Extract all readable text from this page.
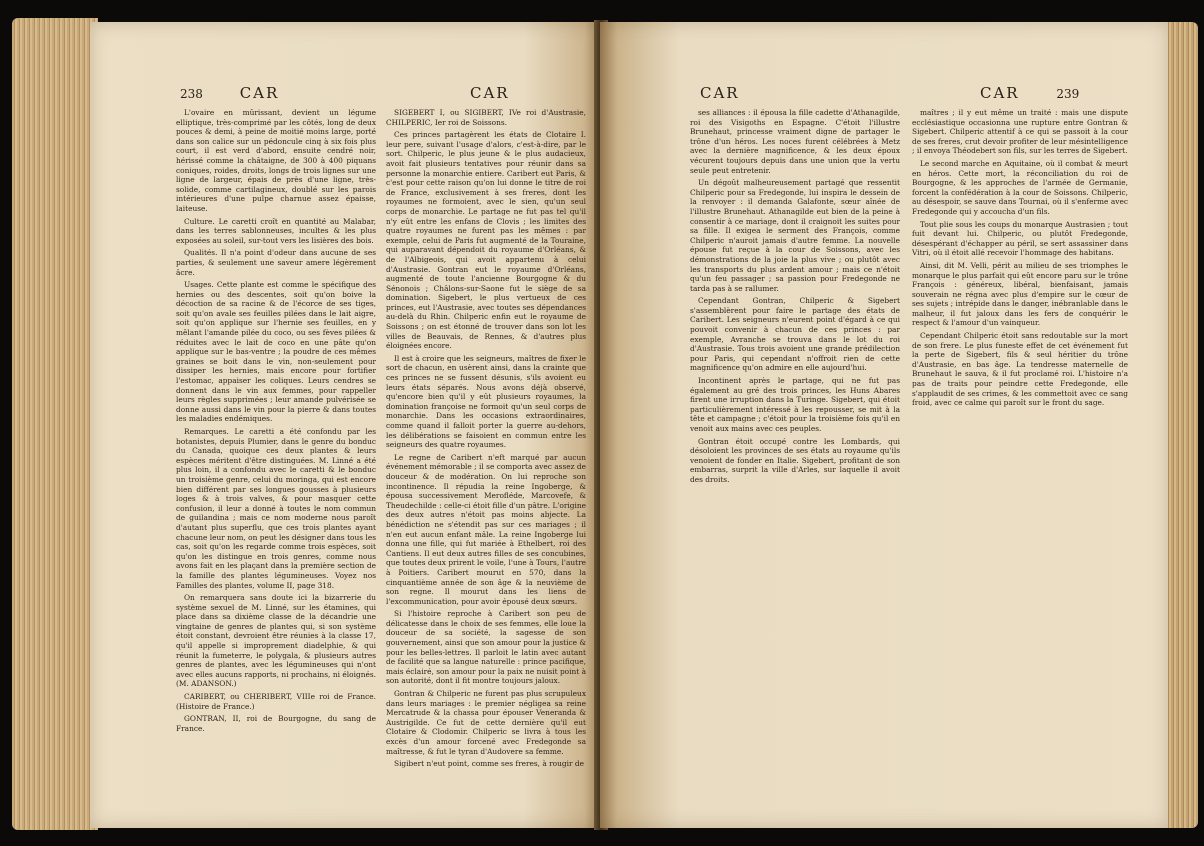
238 CAR	CAR

L'ovaire en mûrissant, devient un légume elliptique, très-comprimé par les côtés, long de deux pouces & demi, à peine de moitié moins large, porté dans son calice sur un pédoncule cinq à six fois plus court, il est verd d'abord, ensuite cendré noir, hérissé comme la châtaigne, de 300 à 400 piquans coniques, roides, droits, longs de trois lignes sur une ligne de largeur, épais de près d'une ligne, très-solide, comme cartilagineux, doublé sur les parois intérieures d'une pulpe charnue assez épaisse, laiteuse.

Culture. Le caretti croît en quantité au Malabar, dans les terres sablonneuses, incultes & les plus exposées au soleil, sur-tout vers les lisières des bois.

Qualités. Il n'a point d'odeur dans aucune de ses parties, & seulement une saveur amere légèrement âcre.

Usages. Cette plante est comme le spécifique des hernies ou des descentes, soit qu'on boive la décoction de sa racine & de l'écorce de ses tiges, soit qu'on avale ses feuilles pilées dans le lait aigre, soit qu'on applique sur l'hernie ses feuilles, en y mêlant l'amande pilée du coco, ou ses fèves pilées & réduites avec le lait de coco en une pâte qu'on applique sur le bas-ventre ; la poudre de ces mêmes graines se boit dans le vin, non-seulement pour dissiper les hernies, mais encore pour fortifier l'estomac, appaiser les coliques. Leurs cendres se donnent dans le vin aux femmes, pour rappeller leurs règles supprimées ; leur amande pulvérisée se donne aussi dans le vin pour la pierre & dans toutes les maladies endémiques.

Remarques. Le caretti a été confondu par les botanistes, depuis Plumier, dans le genre du bonduc du Canada, quoique ces deux plantes & leurs espèces méritent d'être distinguées. M. Linné a été plus loin, il a confondu avec le caretti & le bonduc un troisième genre, celui du moringa, qui est encore bien différent par ses longues gousses à plusieurs loges & à trois valves, & pour masquer cette confusion, il leur a donné à toutes le nom commun de guilandina ; mais ce nom moderne nous paroît d'autant plus superflu, que ces trois plantes ayant chacune leur nom, on peut les désigner dans tous les cas, soit qu'on les regarde comme trois espèces, soit qu'on les distingue en trois genres, comme nous avons fait en les plaçant dans la première section de la famille des plantes légumineuses. Voyez nos Familles des plantes, volume II, page 318.

On remarquera sans doute ici la bizarrerie du système sexuel de M. Linné, sur les étamines, qui place dans sa dixième classe de la décandrie une vingtaine de genres de plantes qui, si son système étoit constant, devroient être réunies à la classe 17, qu'il appelle si improprement diadelphie, & qui réunit la fumeterre, le polygala, & plusieurs autres genres de plantes, avec les légumineuses qui n'ont avec elles aucuns rapports, ni prochains, ni éloignés. (M. ADANSON.)

CARIBERT, ou CHERIBERT, VIIIe roi de France. (Histoire de France.)

GONTRAN, II, roi de Bourgogne, du sang de France.

SIGEBERT I, ou SIGIBERT, IVe roi d'Austrasie, CHILPERIC, Ier roi de Soissons.

Ces princes partagèrent les états de Clotaire I. leur pere, suivant l'usage d'alors, c'est-à-dire, par le sort. Chilperic, le plus jeune & le plus audacieux, avoit fait plusieurs tentatives pour réunir dans sa personne la monarchie entiere. Caribert eut Paris, & c'est pour cette raison qu'on lui donne le titre de roi de France, exclusivement à ses freres, dont les royaumes ne formoient, avec le sien, qu'un seul corps de monarchie. Le partage ne fut pas tel qu'il n'y eût entre les enfans de Clovis ; les limites des quatre royaumes ne furent pas les mêmes : par exemple, celui de Paris fut augmenté de la Touraine, qui auparavant dépendoit du royaume d'Orléans, & de l'Albigeois, qui avoit appartenu à celui d'Austrasie. Gontran eut le royaume d'Orléans, augmenté de toute l'ancienne Bourgogne & du Sénonois ; Châlons-sur-Saone fut le siège de sa domination. Sigebert, le plus vertueux de ces princes, eut l'Austrasie, avec toutes ses dépendances au-delà du Rhin. Chilperic enfin eut le royaume de Soissons ; on est étonné de trouver dans son lot les villes de Beauvais, de Rennes, & d'autres plus éloignées encore.

Il est à croire que les seigneurs, maîtres de fixer le sort de chacun, en usèrent ainsi, dans la crainte que ces princes ne se fussent désunis, s'ils avoient eu leurs états séparés. Nous avons déjà observé, qu'encore bien qu'il y eût plusieurs royaumes, la domination françoise ne formoit qu'un seul corps de monarchie. Dans les occasions extraordinaires, comme quand il falloit porter la guerre au-dehors, les délibérations se faisoient en commun entre les seigneurs des quatre royaumes.

Le regne de Caribert n'eft marqué par aucun événement mémorable ; il se comporta avec assez de douceur & de modération. On lui reproche son incontinence. Il répudia la reine Ingoberge, & épousa successivement Merofléde, Marcovefe, & Theudechilde : celle-ci étoit fille d'un pâtre. L'origine des deux autres n'étoit pas moins abjecte. La bénédiction ne s'étendit pas sur ces mariages ; il n'en eut aucun enfant mâle. La reine Ingoberge lui donna une fille, qui fut mariée à Ethelbert, roi des Cantiens. Il eut deux autres filles de ses concubines, que toutes deux prirent le voile, l'une à Tours, l'autre à Poitiers. Caribert mourut en 570, dans la cinquantième année de son âge & la neuvième de son regne. Il mourut dans les liens de l'excommunication, pour avoir épousé deux sœurs.

Si l'histoire reproche à Caribert son peu de délicatesse dans le choix de ses femmes, elle loue la douceur de sa société, la sagesse de son gouvernement, ainsi que son amour pour la justice & pour les belles-lettres. Il parloit le latin avec autant de facilité que sa langue naturelle : prince pacifique, mais éclairé, son amour pour la paix ne nuisit point à son autorité, dont il fit montre toujours jaloux.

Gontran & Chilperic ne furent pas plus scrupuleux dans leurs mariages : le premier négligea sa reine Mercatrude & la chassa pour épouser Veneranda & Austrigilde. Ce fut de cette dernière qu'il eut Clotaire & Clodomir. Chilperic se livra à tous les excès d'un amour forcené avec Fredegonde sa maîtresse, & fut le tyran d'Audovere sa femme.

Sigibert n'eut point, comme ses freres, à rougir de

CAR	CAR	239

ses alliances : il épousa la fille cadette d'Athanagilde, roi des Visigoths en Espagne. C'étoit l'illustre Brunehaut, princesse vraiment digne de partager le trône d'un héros. Les noces furent célébrées à Metz avec la dernière magnificence, & les deux époux vécurent toujours depuis dans une union que la vertu seule peut entretenir.

Un dégoût malheureusement partagé que ressentit Chilperic pour sa Fredegonde, lui inspira le dessein de la renvoyer : il demanda Galafonte, sœur aînée de l'illustre Brunehaut. Athanagilde eut bien de la peine à consentir à ce mariage, dont il craignoit les suites pour sa fille. Il exigea le serment des François, comme Chilperic n'auroit jamais d'autre femme. La nouvelle épouse fut reçue à la cour de Soissons, avec les démonstrations de la joie la plus vive ; ou plutôt avec les transports du plus ardent amour ; mais ce n'étoit qu'un feu passager ; sa passion pour Fredegonde ne tarda pas à se rallumer.

Cependant Gontran, Chilperic & Sigebert s'assemblèrent pour faire le partage des états de Caribert. Les seigneurs n'eurent point d'égard à ce qui pouvoit convenir à chacun de ces princes : par exemple, Avranche se trouva dans le lot du roi d'Austrasie. Tous trois avoient une grande prédilection pour Paris, qui cependant n'offroit rien de cette magnificence qu'on admire en elle aujourd'hui.

Incontinent après le partage, qui ne fut pas également au gré des trois princes, les Huns Abares firent une irruption dans la Turinge. Sigebert, qui étoit particulièrement intéressé à les repousser, se mit à la tête et campagne ; c'étoit pour la troisième fois qu'il en venoit aux mains avec ces peuples.

Gontran étoit occupé contre les Lombards, qui désoloient les provinces de ses états au royaume qu'ils venoient de fonder en Italie. Sigebert, profitant de son embarras, surprit la ville d'Arles, sur laquelle il avoit des droits.

maîtres ; il y eut même un traité : mais une dispute ecclésiastique occasionna une rupture entre Gontran & Sigebert. Chilperic attentif à ce qui se passoit à la cour de ses freres, crut devoir profiter de leur mésintelligence ; il envoya Théodebert son fils, sur les terres de Sigebert.

Le second marche en Aquitaine, où il combat & meurt en héros. Cette mort, la réconciliation du roi de Bourgogne, & les approches de l'armée de Germanie, forcent la confédération à la cour de Soissons. Chilperic, au désespoir, se sauve dans Tournai, où il s'enferme avec Fredegonde qui y accoucha d'un fils.

Tout plie sous les coups du monarque Austrasien ; tout fuit devant lui. Chilperic, ou plutôt Fredegonde, désespérant d'échapper au péril, se sert assassiner dans Vitri, où il étoit allé recevoir l'hommage des habitans.

Ainsi, dit M. Velli, périt au milieu de ses triomphes le monarque le plus parfait qui eût encore paru sur le trône François : généreux, libéral, bienfaisant, jamais souverain ne régna avec plus d'empire sur le cœur de ses sujets ; intrépide dans le danger, inébranlable dans le malheur, il fut jaloux dans les fers de conquérir le respect & l'amour d'un vainqueur.

Cependant Chilperic étoit sans redoutable sur la mort de son frere. Le plus funeste effet de cet événement fut la perte de Sigebert, fils & seul héritier du trône d'Austrasie, en bas âge. La tendresse maternelle de Brunehaut le sauva, & il fut proclamé roi. L'histoire n'a pas de traits pour peindre cette Fredegonde, elle s'applaudit de ses crimes, & les commettoit avec ce sang froid, avec ce calme qui paroît sur le front du sage.
